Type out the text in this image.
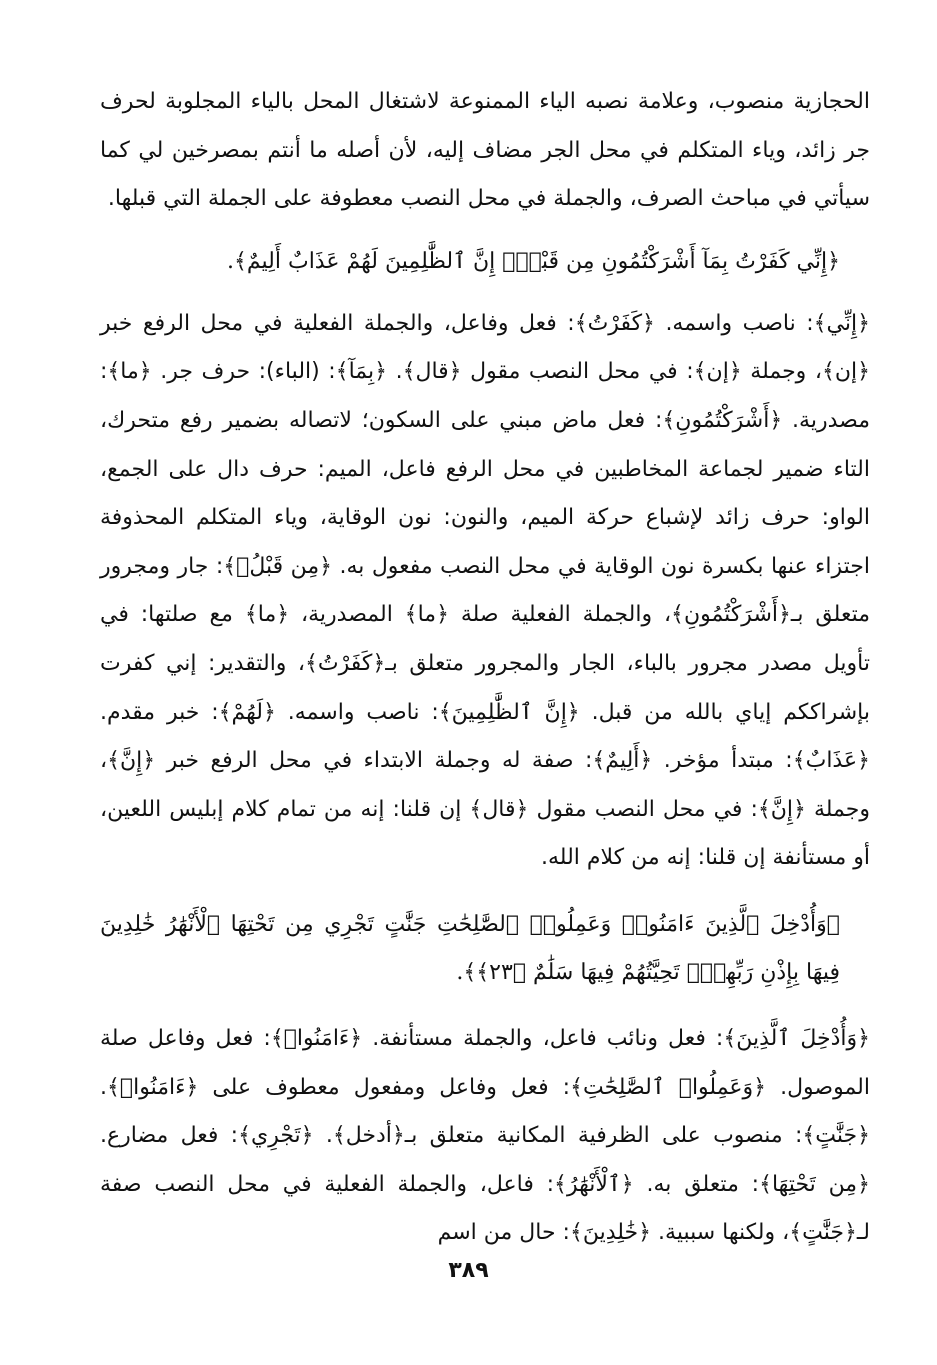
الحجازية منصوب، وعلامة نصبه الياء الممنوعة لاشتغال المحل بالياء المجلوبة لحرف جر زائد، وياء المتكلم في محل الجر مضاف إليه، لأن أصله ما أنتم بمصرخين لي كما سيأتي في مباحث الصرف، والجملة في محل النصب معطوفة على الجملة التي قبلها.

﴿إِنِّي كَفَرْتُ بِمَآ أَشْرَكْتُمُونِ مِن قَبْلُۗ إِنَّ ٱلظَّٰلِمِينَ لَهُمْ عَذَابٌ أَلِيمٌ﴾.

﴿إِنِّي﴾: ناصب واسمه. ﴿كَفَرْتُ﴾: فعل وفاعل، والجملة الفعلية في محل الرفع خبر ﴿إن﴾، وجملة ﴿إن﴾: في محل النصب مقول ﴿قال﴾. ﴿بِمَآ﴾: (الباء): حرف جر. ﴿ما﴾: مصدرية. ﴿أَشْرَكْتُمُونِ﴾: فعل ماض مبني على السكون؛ لاتصاله بضمير رفع متحرك، التاء ضمير لجماعة المخاطبين في محل الرفع فاعل، الميم: حرف دال على الجمع، الواو: حرف زائد لإشباع حركة الميم، والنون: نون الوقاية، وياء المتكلم المحذوفة اجتزاء عنها بكسرة نون الوقاية في محل النصب مفعول به. ﴿مِن قَبْلُۗ﴾: جار ومجرور متعلق بـ﴿أَشْرَكْتُمُونِ﴾، والجملة الفعلية صلة ﴿ما﴾ المصدرية، ﴿ما﴾ مع صلتها: في تأويل مصدر مجرور بالباء، الجار والمجرور متعلق بـ﴿كَفَرْتُ﴾، والتقدير: إني كفرت بإشراككم إياي بالله من قبل. ﴿إِنَّ ٱلظَّٰلِمِينَ﴾: ناصب واسمه. ﴿لَهُمْ﴾: خبر مقدم. ﴿عَذَابٌ﴾: مبتدأ مؤخر. ﴿أَلِيمٌ﴾: صفة له وجملة الابتداء في محل الرفع خبر ﴿إِنَّ﴾، وجملة ﴿إِنَّ﴾: في محل النصب مقول ﴿قال﴾ إن قلنا: إنه من تمام كلام إبليس اللعين، أو مستأنفة إن قلنا: إنه من كلام الله.

﴿وَأُدْخِلَ ٱلَّذِينَ ءَامَنُوا۟ وَعَمِلُوا۟ ٱلصَّٰلِحَٰتِ جَنَّٰتٍ تَجْرِي مِن تَحْتِهَا ٱلْأَنْهَٰرُ خَٰلِدِينَ فِيهَا بِإِذْنِ رَبِّهِمْۖ تَحِيَّتُهُمْ فِيهَا سَلَٰمٌ ﴿٢٣﴾﴾.

﴿وَأُدْخِلَ ٱلَّذِينَ﴾: فعل ونائب فاعل، والجملة مستأنفة. ﴿ءَامَنُوا۟﴾: فعل وفاعل صلة الموصول. ﴿وَعَمِلُوا۟ ٱلصَّٰلِحَٰتِ﴾: فعل وفاعل ومفعول معطوف على ﴿ءَامَنُوا۟﴾. ﴿جَنَّٰتٍ﴾: منصوب على الظرفية المكانية متعلق بـ﴿أدخل﴾. ﴿تَجْرِي﴾: فعل مضارع. ﴿مِن تَحْتِهَا﴾: متعلق به. ﴿ٱلْأَنْهَٰرُ﴾: فاعل، والجملة الفعلية في محل النصب صفة لـ﴿جَنَّٰتٍ﴾، ولكنها سببية. ﴿خَٰلِدِينَ﴾: حال من اسم

٣٨٩
